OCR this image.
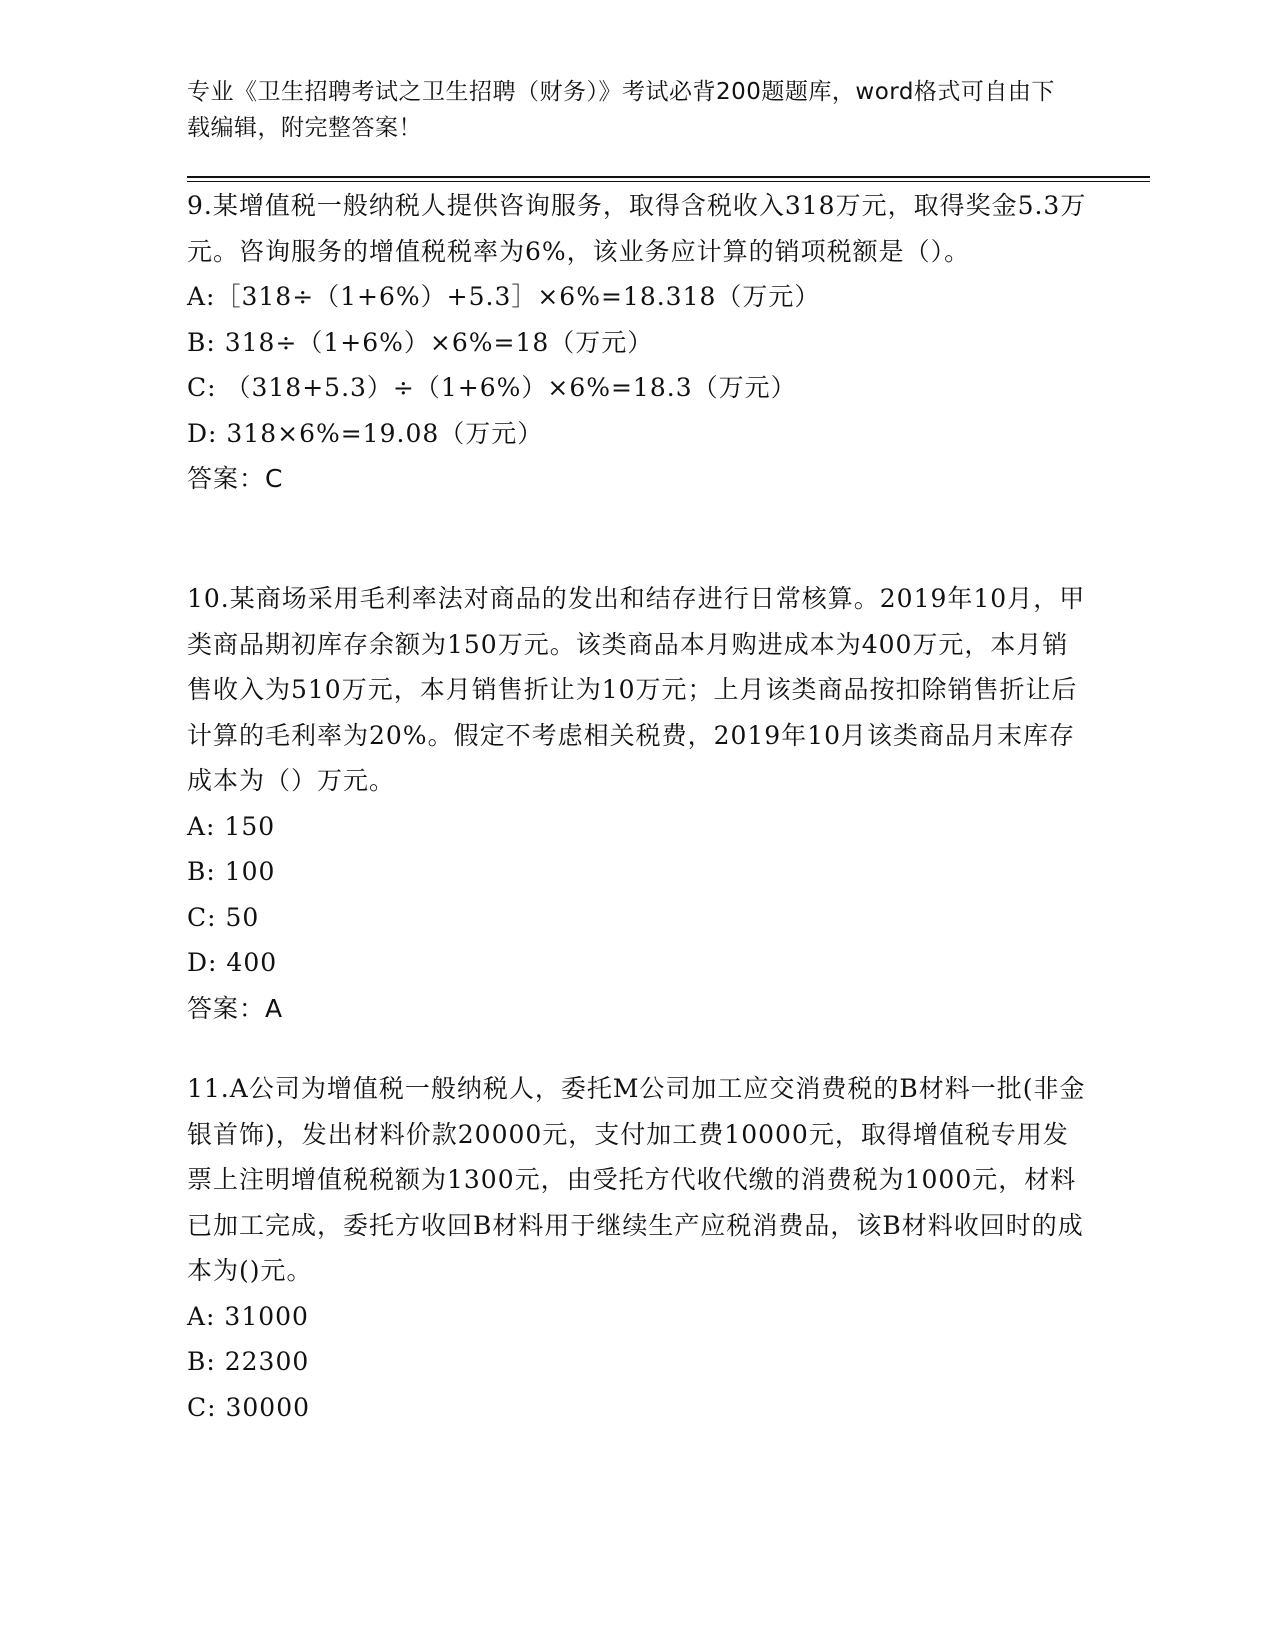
专业《卫生招聘考试之卫生招聘（财务）》考试必背200题题库，word格式可自由下载编辑，附完整答案！

9.某增值税一般纳税人提供咨询服务，取得含税收入318万元，取得奖金5.3万元。咨询服务的增值税税率为6%，该业务应计算的销项税额是（）。

A:［318÷（1+6%）+5.3］×6%=18.318（万元）

B: 318÷（1+6%）×6%=18（万元）

C: （318+5.3）÷（1+6%）×6%=18.3（万元）

D: 318×6%=19.08（万元）

答案：C

10.某商场采用毛利率法对商品的发出和结存进行日常核算。2019年10月，甲类商品期初库存余额为150万元。该类商品本月购进成本为400万元，本月销售收入为510万元，本月销售折让为10万元；上月该类商品按扣除销售折让后计算的毛利率为20%。假定不考虑相关税费，2019年10月该类商品月末库存成本为（）万元。

A: 150

B: 100

C: 50

D: 400

答案：A

11.A公司为增值税一般纳税人，委托M公司加工应交消费税的B材料一批(非金银首饰)，发出材料价款20000元，支付加工费10000元，取得增值税专用发票上注明增值税税额为1300元，由受托方代收代缴的消费税为1000元，材料已加工完成，委托方收回B材料用于继续生产应税消费品，该B材料收回时的成本为()元。

A: 31000

B: 22300

C: 30000
